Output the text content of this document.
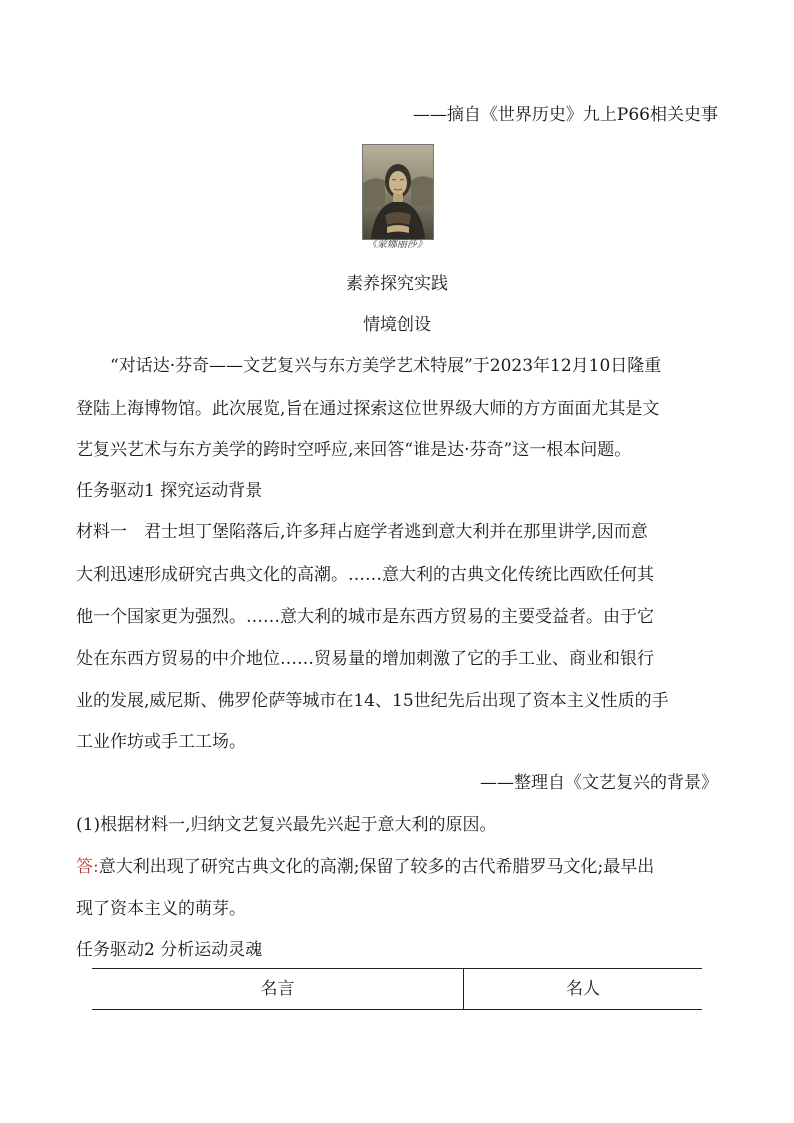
——摘自《世界历史》九上P66相关史事
《蒙娜丽莎》
素养探究实践
情境创设
“对话达·芬奇——文艺复兴与东方美学艺术特展”于2023年12月10日隆重
登陆上海博物馆。此次展览,旨在通过探索这位世界级大师的方方面面尤其是文
艺复兴艺术与东方美学的跨时空呼应,来回答“谁是达·芬奇”这一根本问题。
任务驱动1 探究运动背景
材料一　君士坦丁堡陷落后,许多拜占庭学者逃到意大利并在那里讲学,因而意
大利迅速形成研究古典文化的高潮。……意大利的古典文化传统比西欧任何其
他一个国家更为强烈。……意大利的城市是东西方贸易的主要受益者。由于它
处在东西方贸易的中介地位……贸易量的增加刺激了它的手工业、商业和银行
业的发展,威尼斯、佛罗伦萨等城市在14、15世纪先后出现了资本主义性质的手
工业作坊或手工工场。
——整理自《文艺复兴的背景》
(1)根据材料一,归纳文艺复兴最先兴起于意大利的原因。
答:意大利出现了研究古典文化的高潮;保留了较多的古代希腊罗马文化;最早出
现了资本主义的萌芽。
任务驱动2 分析运动灵魂
名言	名人
